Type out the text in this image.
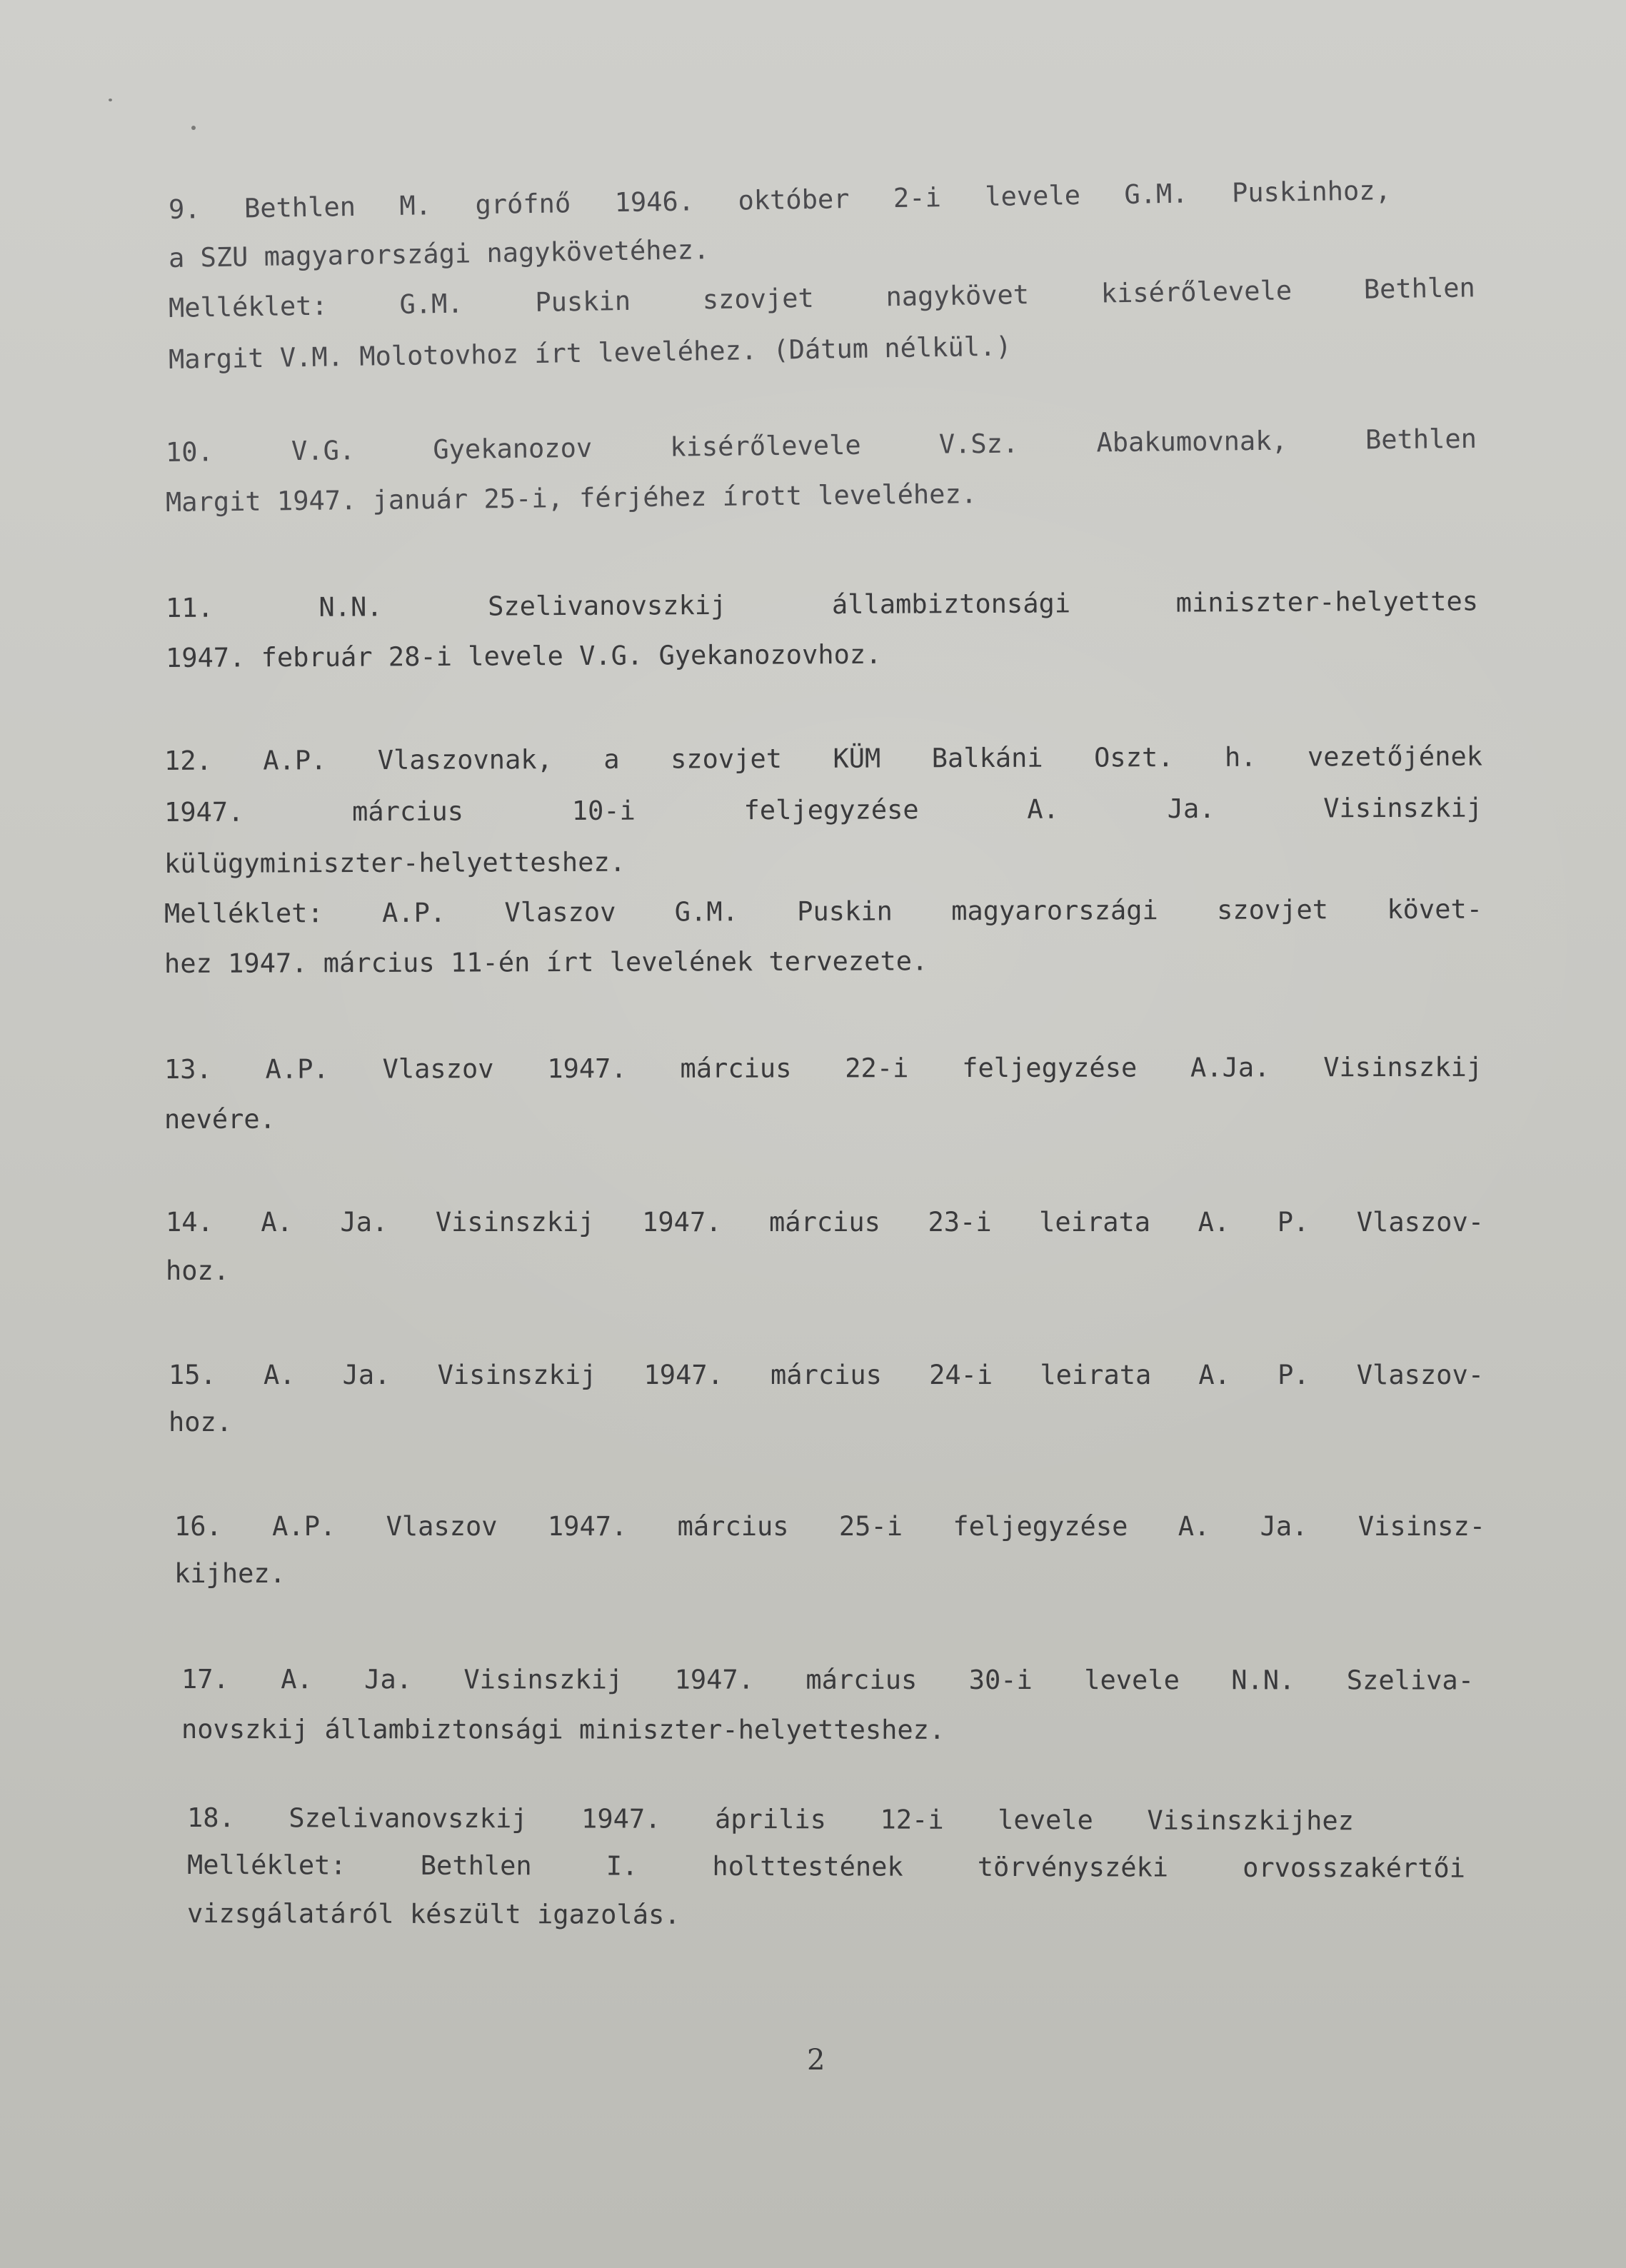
9. Bethlen M. grófnő 1946. október 2-i levele G.M. Puskinhoz,
a SZU magyarországi nagykövetéhez.
Melléklet: G.M. Puskin szovjet nagykövet kisérőlevele Bethlen
Margit V.M. Molotovhoz írt leveléhez. (Dátum nélkül.)
10. V.G. Gyekanozov kisérőlevele V.Sz. Abakumovnak, Bethlen
Margit 1947. január 25-i, férjéhez írott leveléhez.
11. N.N. Szelivanovszkij állambiztonsági miniszter-helyettes
1947. február 28-i levele V.G. Gyekanozovhoz.
12. A.P. Vlaszovnak, a szovjet KÜM Balkáni Oszt. h. vezetőjének
1947. március 10-i feljegyzése A. Ja. Visinszkij
külügyminiszter-helyetteshez.
Melléklet: A.P. Vlaszov G.M. Puskin magyarországi szovjet követ-
hez 1947. március 11-én írt levelének tervezete.
13. A.P. Vlaszov 1947. március 22-i feljegyzése A.Ja. Visinszkij
nevére.
14. A. Ja. Visinszkij 1947. március 23-i leirata A. P. Vlaszov-
hoz.
15. A. Ja. Visinszkij 1947. március 24-i leirata A. P. Vlaszov-
hoz.
16. A.P. Vlaszov 1947. március 25-i feljegyzése A. Ja. Visinsz-
kijhez.
17. A. Ja. Visinszkij 1947. március 30-i levele N.N. Szeliva-
novszkij állambiztonsági miniszter-helyetteshez.
18. Szelivanovszkij 1947. április 12-i levele Visinszkijhez
Melléklet: Bethlen I. holttestének törvényszéki orvosszakértői
vizsgálatáról készült igazolás.
2
